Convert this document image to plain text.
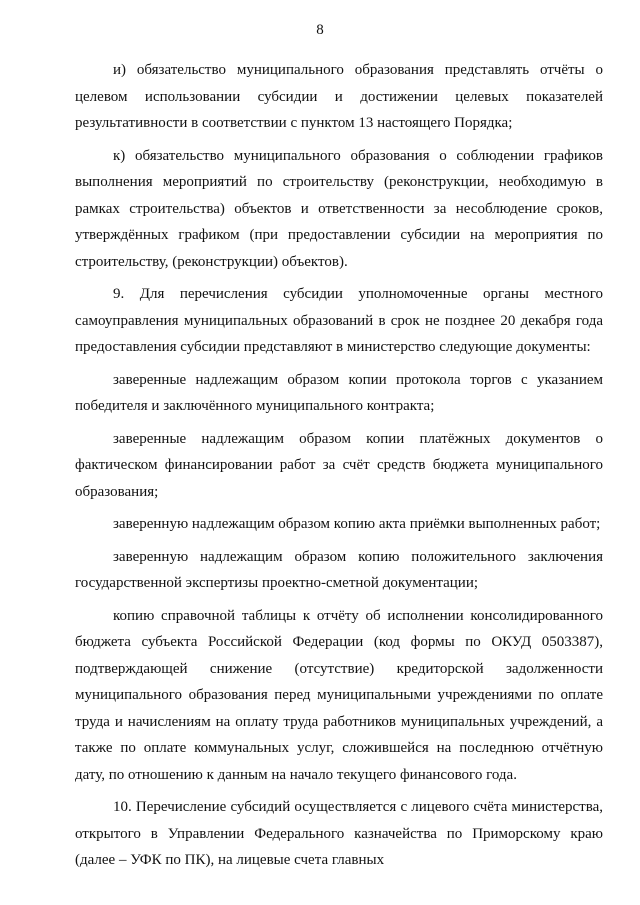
8

и) обязательство муниципального образования представлять отчёты о целевом использовании субсидии и достижении целевых показателей результативности в соответствии с пунктом 13 настоящего Порядка;

к) обязательство муниципального образования о соблюдении графиков выполнения мероприятий по строительству (реконструкции, необходимую в рамках строительства) объектов и ответственности за несоблюдение сроков, утверждённых графиком (при предоставлении субсидии на мероприятия по строительству, (реконструкции) объектов).

9. Для перечисления субсидии уполномоченные органы местного самоуправления муниципальных образований в срок не позднее 20 декабря года предоставления субсидии представляют в министерство следующие документы:

заверенные надлежащим образом копии протокола торгов с указанием победителя и заключённого муниципального контракта;

заверенные надлежащим образом копии платёжных документов о фактическом финансировании работ за счёт средств бюджета муниципального образования;

заверенную надлежащим образом копию акта приёмки выполненных работ;

заверенную надлежащим образом копию положительного заключения государственной экспертизы проектно-сметной документации;

копию справочной таблицы к отчёту об исполнении консолидированного бюджета субъекта Российской Федерации (код формы по ОКУД 0503387), подтверждающей снижение (отсутствие) кредиторской задолженности муниципального образования перед муниципальными учреждениями по оплате труда и начислениям на оплату труда работников муниципальных учреждений, а также по оплате коммунальных услуг, сложившейся на последнюю отчётную дату, по отношению к данным на начало текущего финансового года.

10. Перечисление субсидий осуществляется с лицевого счёта министерства, открытого в Управлении Федерального казначейства по Приморскому краю (далее – УФК по ПК), на лицевые счета главных
